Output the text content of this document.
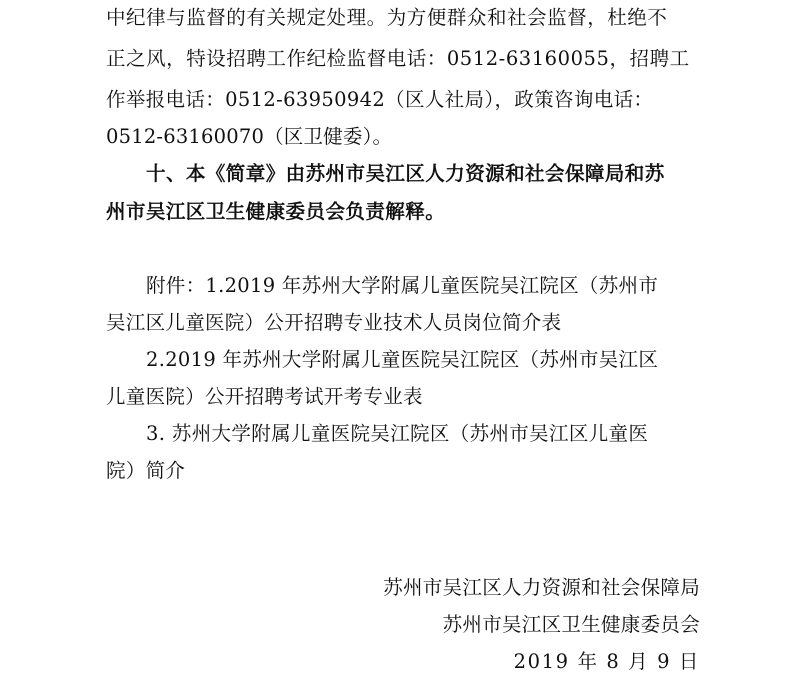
中纪律与监督的有关规定处理。为方便群众和社会监督，杜绝不
正之风，特设招聘工作纪检监督电话：0512-63160055，招聘工
作举报电话：0512-63950942（区人社局），政策咨询电话：
0512-63160070（区卫健委）。
十、本《简章》由苏州市吴江区人力资源和社会保障局和苏
州市吴江区卫生健康委员会负责解释。
附件：1.2019 年苏州大学附属儿童医院吴江院区（苏州市
吴江区儿童医院）公开招聘专业技术人员岗位简介表
2.2019 年苏州大学附属儿童医院吴江院区（苏州市吴江区
儿童医院）公开招聘考试开考专业表
3. 苏州大学附属儿童医院吴江院区（苏州市吴江区儿童医
院）简介
苏州市吴江区人力资源和社会保障局
苏州市吴江区卫生健康委员会
2019 年 8 月 9 日
